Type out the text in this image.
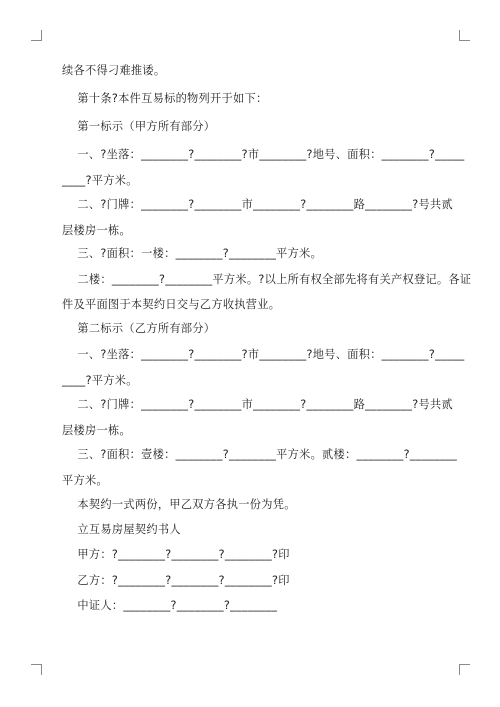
续各不得刁难推诿。
第十条?本件互易标的物列开于如下：
第一标示（甲方所有部分）
一、?坐落：________?________?市________?地号、面积：________?_____
____?平方米。
二、?门牌：________?________市________?________路________?号共贰
层楼房一栋。
三、?面积：一楼：________?________平方米。
二楼：________?________平方米。?以上所有权全部先将有关产权登记。各证
件及平面图于本契约日交与乙方收执营业。
第二标示（乙方所有部分）
一、?坐落：________?________?市________?地号、面积：________?_____
____?平方米。
二、?门牌：________?________市________?________路________?号共贰
层楼房一栋。
三、?面积：壹楼：________?________平方米。贰楼：________?________
平方米。
本契约一式两份，甲乙双方各执一份为凭。
立互易房屋契约书人
甲方：?________?________?________?印
乙方：?________?________?________?印
中证人：________?________?________
